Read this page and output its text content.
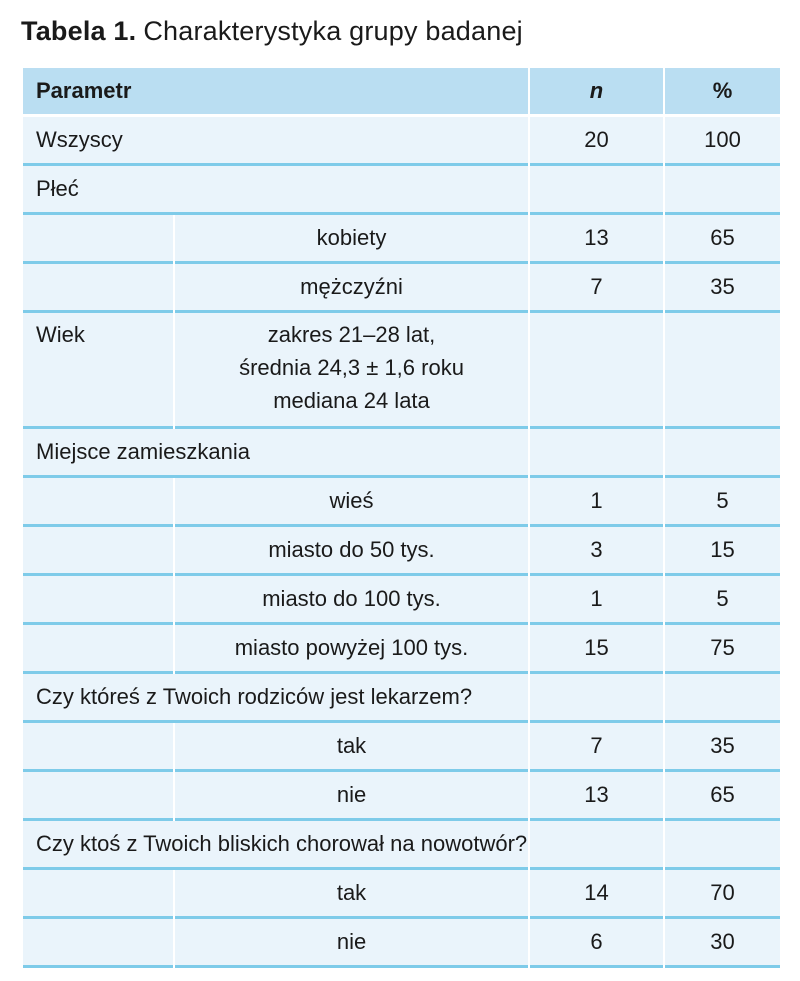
Tabela 1. Charakterystyka grupy badanej
Parametr		n	%
Wszyscy		20	100
Płeć			
	kobiety	13	65
	mężczyźni	7	35
Wiek	zakres 21–28 lat,
średnia 24,3 ± 1,6 roku
mediana 24 lata		

Miejsce zamieszkania			
	wieś	1	5
	miasto do 50 tys.	3	15
	miasto do 100 tys.	1	5
	miasto powyżej 100 tys.	15	75
Czy któreś z Twoich rodziców jest lekarzem?			
	tak	7	35
	nie	13	65
Czy ktoś z Twoich bliskich chorował na nowotwór?			
	tak	14	70
	nie	6	30
